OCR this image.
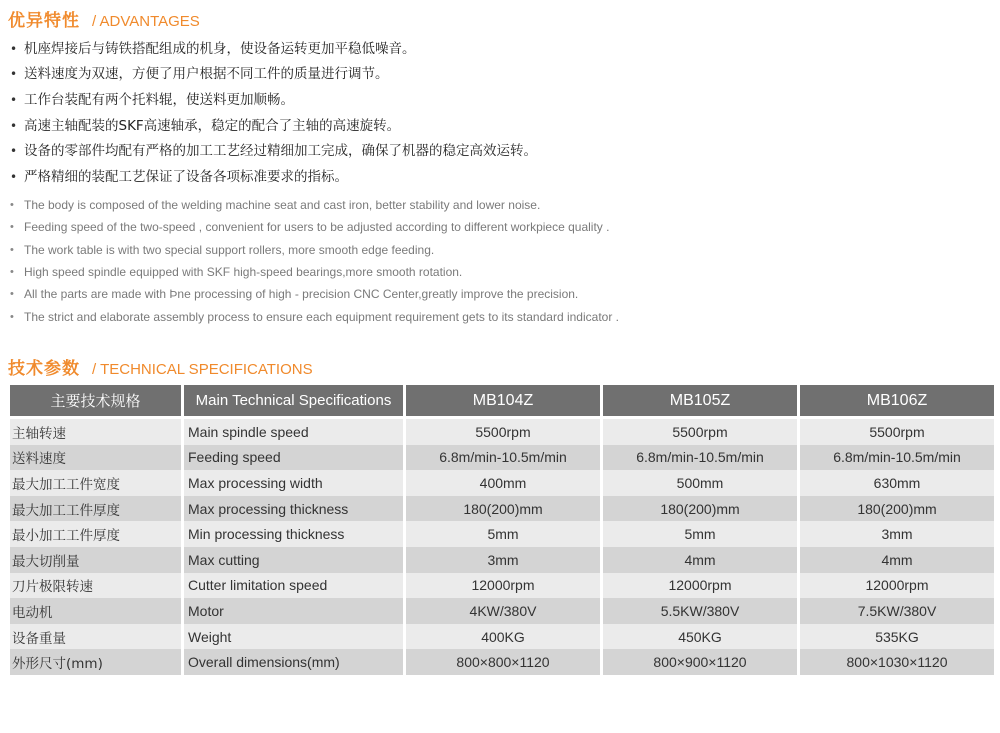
优异特性 / ADVANTAGES
• 机座焊接后与铸铁搭配组成的机身，使设备运转更加平稳低噪音。
• 送料速度为双速，方便了用户根据不同工件的质量进行调节。
• 工作台装配有两个托料辊，使送料更加顺畅。
• 高速主轴配装的SKF高速轴承，稳定的配合了主轴的高速旋转。
• 设备的零部件均配有严格的加工工艺经过精细加工完成，确保了机器的稳定高效运转。
• 严格精细的装配工艺保证了设备各项标准要求的指标。
• The body is composed of the welding machine seat and cast iron, better stability and lower noise.
• Feeding speed of the two-speed , convenient for users to be adjusted according to different workpiece quality .
• The work table is with two special support rollers, more smooth edge feeding.
• High speed spindle equipped with SKF high-speed bearings,more smooth rotation.
• All the parts are made with Þne processing of high - precision CNC Center,greatly improve the precision.
• The strict and elaborate assembly process to ensure each equipment requirement gets to its standard indicator .
技术参数 / TECHNICAL SPECIFICATIONS
主要技术规格	Main Technical Specifications	MB104Z	MB105Z	MB106Z
主轴转速	Main spindle speed	5500rpm	5500rpm	5500rpm
送料速度	Feeding speed	6.8m/min-10.5m/min	6.8m/min-10.5m/min	6.8m/min-10.5m/min
最大加工工件宽度	Max processing width	400mm	500mm	630mm
最大加工工件厚度	Max processing thickness	180(200)mm	180(200)mm	180(200)mm
最小加工工件厚度	Min processing thickness	5mm	5mm	3mm
最大切削量	Max cutting	3mm	4mm	4mm
刀片极限转速	Cutter limitation speed	12000rpm	12000rpm	12000rpm
电动机	Motor	4KW/380V	5.5KW/380V	7.5KW/380V
设备重量	Weight	400KG	450KG	535KG
外形尺寸(mm)	Overall dimensions(mm)	800×800×1120	800×900×1120	800×1030×1120
